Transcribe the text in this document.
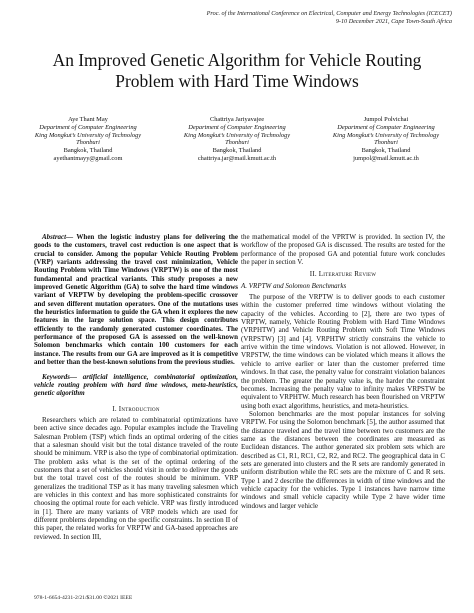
Proc. of the International Conference on Electrical, Computer and Energy Technologies (ICECET)
9-10 December 2021, Cape Town-South Africa
An Improved Genetic Algorithm for Vehicle Routing
Problem with Hard Time Windows
Aye Thant May
Department of Computer Engineering
King Mongkut’s University of Technology
Thonburi
Bangkok, Thailand
ayethantmayy@gmail.com
Chattriya Jariyavajee
Department of Computer Engineering
King Mongkut’s University of Technology
Thonburi
Bangkok, Thailand
chattriya.jar@mail.kmutt.ac.th
Jumpol Polvichai
Department of Computer Engineering
King Mongkut’s University of Technology
Thonburi
Bangkok, Thailand
jumpol@mail.kmutt.ac.th

Abstract— When the logistic industry plans for delivering the goods to the customers, travel cost reduction is one aspect that is crucial to consider. Among the popular Vehicle Routing Problem (VRP) variants addressing the travel cost minimization, Vehicle Routing Problem with Time Windows (VRPTW) is one of the most fundamental and practical variants. This study proposes a new improved Genetic Algorithm (GA) to solve the hard time windows variant of VRPTW by developing the problem-specific crossover and seven different mutation operators. One of the mutations uses the heuristics information to guide the GA when it explores the new features in the large solution space. This design contributes efficiently to the randomly generated customer coordinates. The performance of the proposed GA is assessed on the well-known Solomon benchmarks which contain 100 customers for each instance. The results from our GA are improved as it is competitive and better than the best-known solutions from the previous studies.

Keywords— artificial intelligence, combinatorial optimization, vehicle routing problem with hard time windows, meta-heuristics, genetic algorithm

I. Introduction

Researchers which are related to combinatorial optimizations have been active since decades ago. Popular examples include the Traveling Salesman Problem (TSP) which finds an optimal ordering of the cities that a salesman should visit but the total distance traveled of the route should be minimum. VRP is also the type of combinatorial optimization. The problem asks what is the set of the optimal ordering of the customers that a set of vehicles should visit in order to deliver the goods but the total travel cost of the routes should be minimum. VRP generalizes the traditional TSP as it has many traveling salesmen which are vehicles in this context and has more sophisticated constraints for choosing the optimal route for each vehicle. VRP was firstly introduced in [1]. There are many variants of VRP models which are used for different problems depending on the specific constraints. In section II of this paper, the related works for VRPTW and GA-based approaches are reviewed. In section III,

the mathematical model of the VPRTW is provided. In section IV, the workflow of the proposed GA is discussed. The results are tested for the performance of the proposed GA and potential future work concludes the paper in section V.

II. Literature Review
A. VRPTW and Solomon Benchmarks

The purpose of the VRPTW is to deliver goods to each customer within the customer preferred time windows without violating the capacity of the vehicles. According to [2], there are two types of VRPTW, namely, Vehicle Routing Problem with Hard Time Windows (VRPHTW) and Vehicle Routing Problem with Soft Time Windows (VRPSTW) [3] and [4]. VRPHTW strictly constrains the vehicle to arrive within the time windows. Violation is not allowed. However, in VRPSTW, the time windows can be violated which means it allows the vehicle to arrive earlier or later than the customer preferred time windows. In that case, the penalty value for constraint violation balances the problem. The greater the penalty value is, the harder the constraint becomes. Increasing the penalty value to infinity makes VRPSTW be equivalent to VRPHTW. Much research has been flourished on VRPTW using both exact algorithms, heuristics, and meta-heuristics.

Solomon benchmarks are the most popular instances for solving VRPTW. For using the Solomon benchmark [5], the author assumed that the distance traveled and the travel time between two customers are the same as the distances between the coordinates are measured as Euclidean distances. The author generated six problem sets which are described as C1, R1, RC1, C2, R2, and RC2. The geographical data in C sets are generated into clusters and the R sets are randomly generated in uniform distribution while the RC sets are the mixture of C and R sets. Type 1 and 2 describe the differences in width of time windows and the vehicle capacity for the vehicles. Type 1 instances have narrow time windows and small vehicle capacity while Type 2 have wider time windows and larger vehicle

978-1-6654-4231-2/21/$31.00 ©2021 IEEE
